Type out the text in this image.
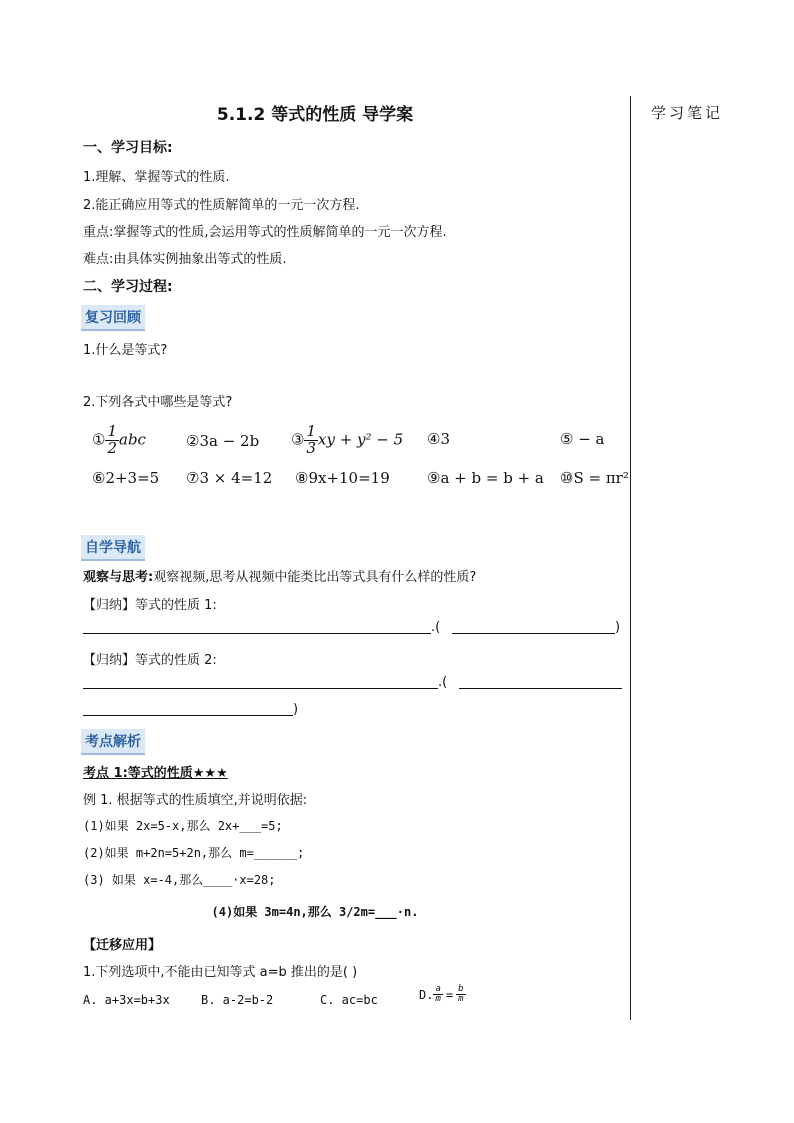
5.1.2 等式的性质 导学案	学习笔记
一、学习目标:
1.理解、掌握等式的性质.
2.能正确应用等式的性质解简单的一元一次方程.
重点:掌握等式的性质,会运用等式的性质解简单的一元一次方程.
难点:由具体实例抽象出等式的性质.
二、学习过程:
复习回顾
1.什么是等式?
2.下列各式中哪些是等式?
① $\frac{1}{2}$ abc	②3a − 2b ③ $\frac{1}{3}$ xy + y² − 5 ④3	⑤ − a
⑥2+3=5 ⑦3 × 4=12 ⑧9x+10=19 ⑨a + b = b + a ⑩S = πr²
自学导航
观察与思考:观察视频,思考从视频中能类比出等式具有什么样的性质?
【归纳】等式的性质 1:
.(	)
【归纳】等式的性质 2:
.(
)
考点解析
考点 1:等式的性质★★★
例 1. 根据等式的性质填空,并说明依据:
(1)如果 2x=5-x,那么 2x+___=5;
(2)如果 m+2n=5+2n,那么 m=______;
(3) 如果 x=-4,那么____·x=28;
(4)如果 3m=4n,那么 3/2m=___·n.
【迁移应用】
1.下列选项中,不能由已知等式 a=b 推出的是( )
A. a+3x=b+3x	B. a-2=b-2	C. ac=bc	D. $\frac{a}{m} = \frac{b}{m}$
